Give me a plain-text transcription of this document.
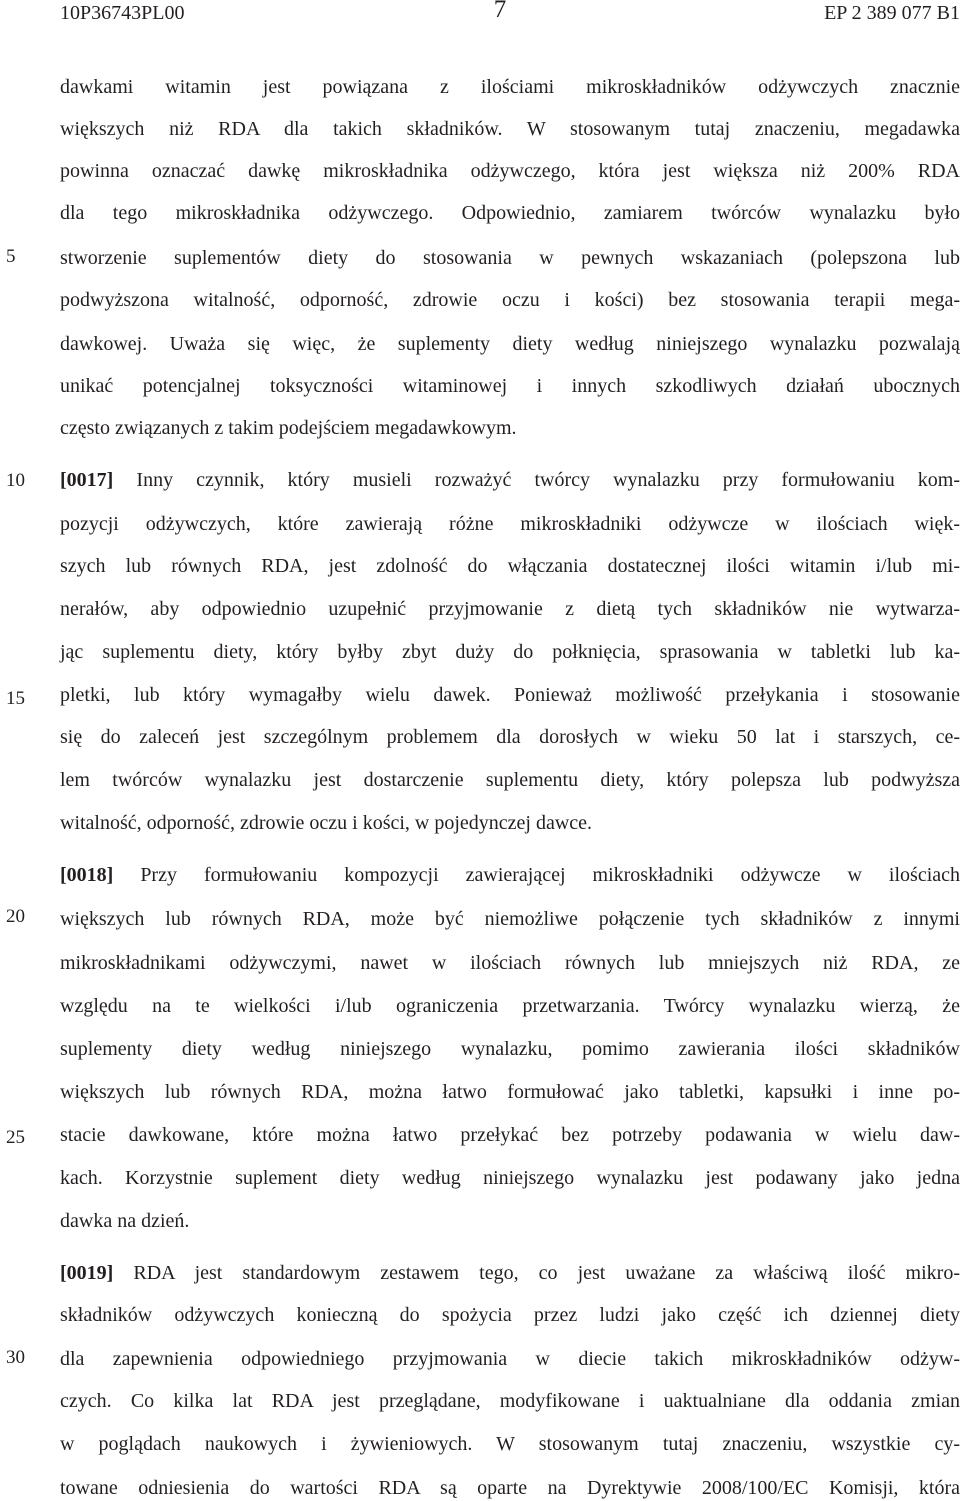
10P36743PL00	7	EP 2 389 077 B1
5
10
15
20
25
30
dawkami witamin jest powiązana z ilościami mikroskładników odżywczych znacznie
większych niż RDA dla takich składników. W stosowanym tutaj znaczeniu, megadawka
powinna oznaczać dawkę mikroskładnika odżywczego, która jest większa niż 200% RDA
dla tego mikroskładnika odżywczego. Odpowiednio, zamiarem twórców wynalazku było
stworzenie suplementów diety do stosowania w pewnych wskazaniach (polepszona lub
podwyższona witalność, odporność, zdrowie oczu i kości) bez stosowania terapii mega-
dawkowej. Uważa się więc, że suplementy diety według niniejszego wynalazku pozwalają
unikać potencjalnej toksyczności witaminowej i innych szkodliwych działań ubocznych
często związanych z takim podejściem megadawkowym.
[0017] Inny czynnik, który musieli rozważyć twórcy wynalazku przy formułowaniu kom-
pozycji odżywczych, które zawierają różne mikroskładniki odżywcze w ilościach więk-
szych lub równych RDA, jest zdolność do włączania dostatecznej ilości witamin i/lub mi-
nerałów, aby odpowiednio uzupełnić przyjmowanie z dietą tych składników nie wytwarza-
jąc suplementu diety, który byłby zbyt duży do połknięcia, sprasowania w tabletki lub ka-
pletki, lub który wymagałby wielu dawek. Ponieważ możliwość przełykania i stosowanie
się do zaleceń jest szczególnym problemem dla dorosłych w wieku 50 lat i starszych, ce-
lem twórców wynalazku jest dostarczenie suplementu diety, który polepsza lub podwyższa
witalność, odporność, zdrowie oczu i kości, w pojedynczej dawce.
[0018] Przy formułowaniu kompozycji zawierającej mikroskładniki odżywcze w ilościach
większych lub równych RDA, może być niemożliwe połączenie tych składników z innymi
mikroskładnikami odżywczymi, nawet w ilościach równych lub mniejszych niż RDA, ze
względu na te wielkości i/lub ograniczenia przetwarzania. Twórcy wynalazku wierzą, że
suplementy diety według niniejszego wynalazku, pomimo zawierania ilości składników
większych lub równych RDA, można łatwo formułować jako tabletki, kapsułki i inne po-
stacie dawkowane, które można łatwo przełykać bez potrzeby podawania w wielu daw-
kach. Korzystnie suplement diety według niniejszego wynalazku jest podawany jako jedna
dawka na dzień.
[0019] RDA jest standardowym zestawem tego, co jest uważane za właściwą ilość mikro-
składników odżywczych konieczną do spożycia przez ludzi jako część ich dziennej diety
dla zapewnienia odpowiedniego przyjmowania w diecie takich mikroskładników odżyw-
czych. Co kilka lat RDA jest przeglądane, modyfikowane i uaktualniane dla oddania zmian
w poglądach naukowych i żywieniowych. W stosowanym tutaj znaczeniu, wszystkie cy-
towane odniesienia do wartości RDA są oparte na Dyrektywie 2008/100/EC Komisji, która
